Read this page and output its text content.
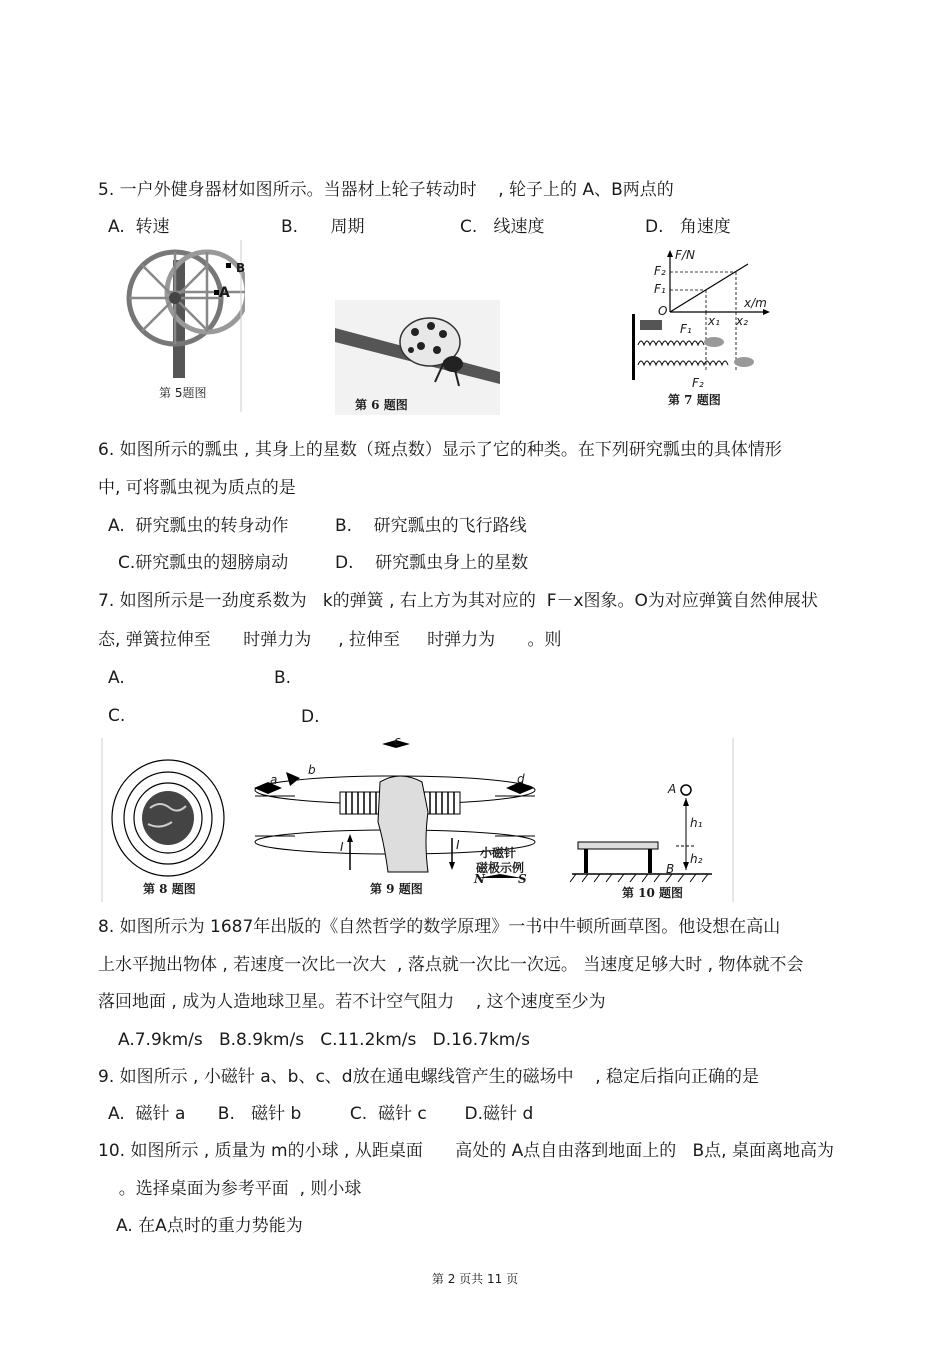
5. 一户外健身器材如图所示。当器材上轮子转动时    , 轮子上的 A、B两点的
A.  转速	B.      周期	C.   线速度	D.   角速度
B
A
第 5题图
第 6 题图
F/N
x/m
F₂
F₁
O
x₁ x₂
F₁
F₂
第 7 题图
6. 如图所示的瓢虫 , 其身上的星数（斑点数）显示了它的种类。在下列研究瓢虫的具体情形
中, 可将瓢虫视为质点的是
A.  研究瓢虫的转身动作	B.    研究瓢虫的飞行路线
C.研究瓢虫的翅膀扇动	D.    研究瓢虫身上的星数
7. 如图所示是一劲度系数为   k的弹簧 , 右上方为其对应的  F－x图象。O为对应弹簧自然伸展状
态, 弹簧拉伸至      时弹力为     , 拉伸至     时弹力为      。则
A.	B.
C.	D.
第 8 题图	第 9 题图	第 10 题图
a
b
c
d
I	I
小磁针
磁极示例
N	S
A
B
h₁
h₂
8. 如图所示为 1687年出版的《自然哲学的数学原理》一书中牛顿所画草图。他设想在高山
上水平抛出物体 , 若速度一次比一次大  , 落点就一次比一次远。 当速度足够大时 , 物体就不会
落回地面 , 成为人造地球卫星。若不计空气阻力    , 这个速度至少为
A.7.9km/s   B.8.9km/s   C.11.2km/s   D.16.7km/s
9. 如图所示 , 小磁针 a、b、c、d放在通电螺线管产生的磁场中    , 稳定后指向正确的是
A.  磁针 a      B.   磁针 b         C.  磁针 c       D.磁针 d
10. 如图所示 , 质量为 m的小球 , 从距桌面      高处的 A点自由落到地面上的   B点, 桌面离地高为
。选择桌面为参考平面  , 则小球
A. 在A点时的重力势能为
第 2 页共 11 页
